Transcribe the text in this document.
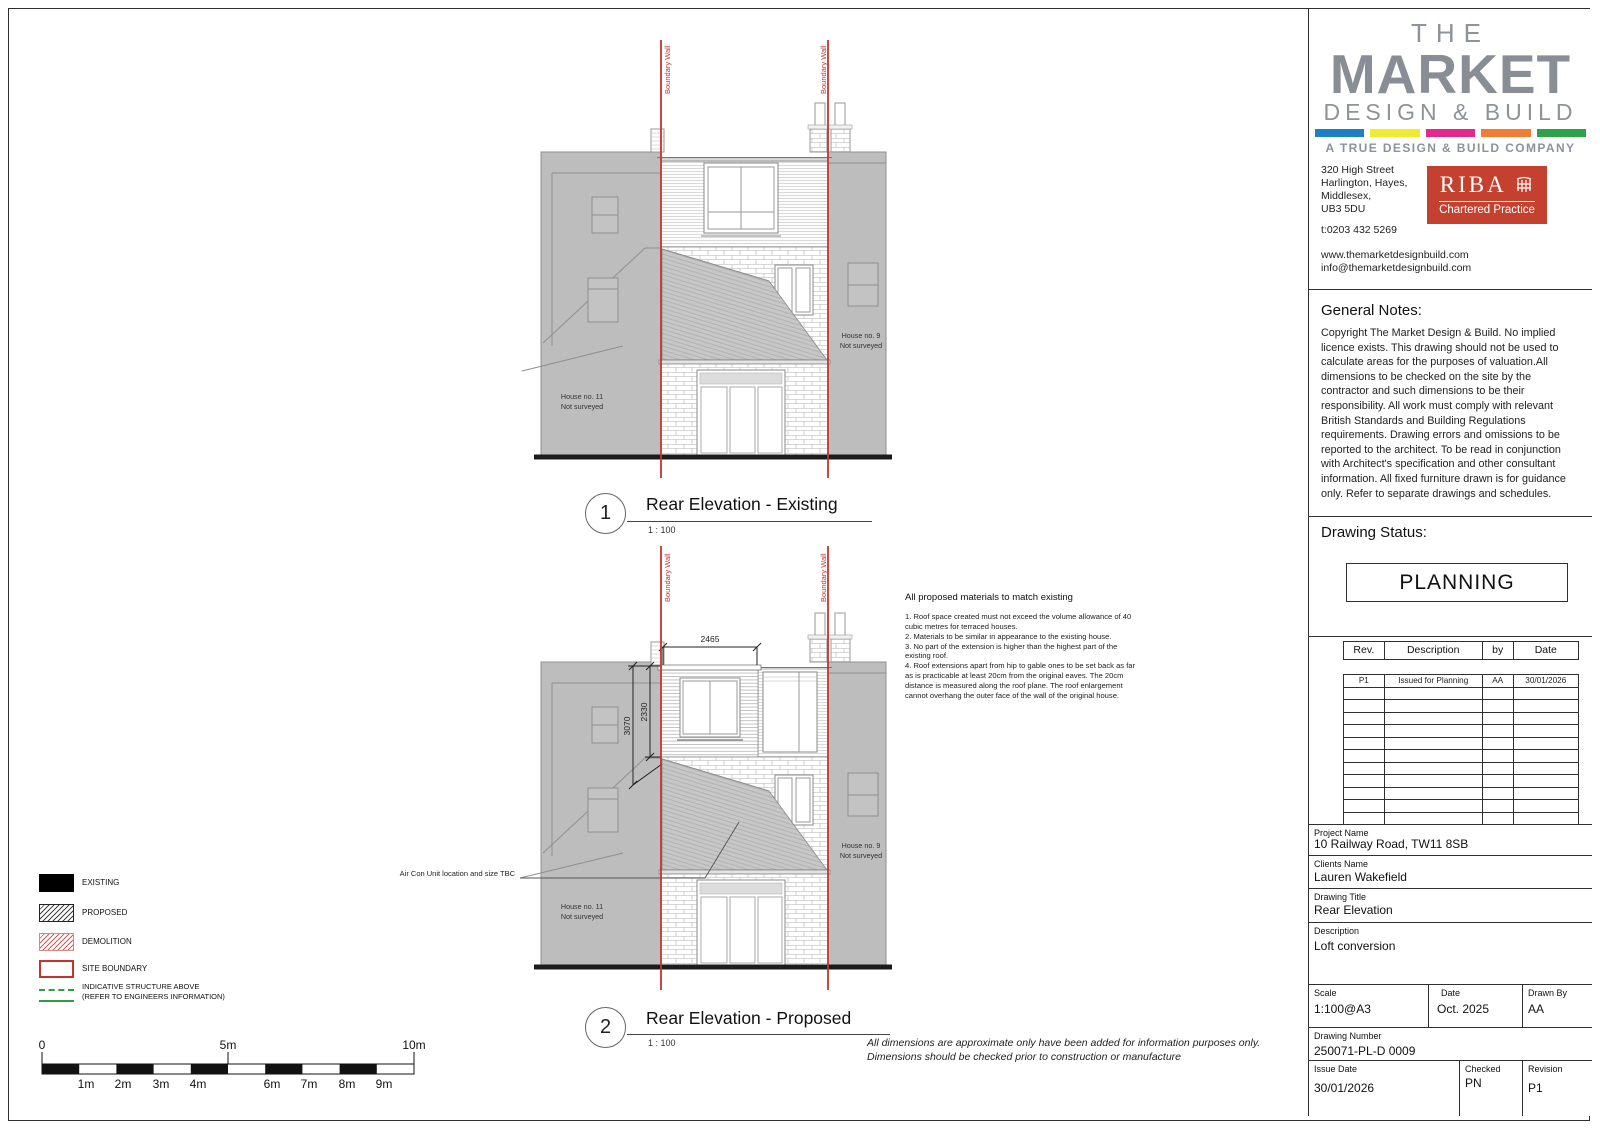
House no. 11
Not surveyed
House no. 9
Not surveyed
Boundary Wall	Boundary Wall
House no. 11
Not surveyed
House no. 9
Not surveyed
2465
2330
3070
Boundary Wall	Boundary Wall
Air Con Unit location and size TBC
1	Rear Elevation - Existing
1 : 100
2	Rear Elevation - Proposed
1 : 100
All proposed materials to match existing
1. Roof space created must not exceed the volume allowance of 40 cubic metres for terraced houses.
2. Materials to be similar in appearance to the existing house.
3. No part of the extension is higher than the highest part of the existing roof.
4. Roof extensions apart from hip to gable ones to be set back as far as is practicable at least 20cm from the original eaves. The 20cm distance is measured along the roof plane. The roof enlargement cannot overhang the outer face of the wall of the original house.
All dimensions are approximate only have been added for information purposes only.
Dimensions should be checked prior to construction or manufacture
EXISTING
PROPOSED
DEMOLITION
SITE BOUNDARY
INDICATIVE STRUCTURE ABOVE
(REFER TO ENGINEERS INFORMATION)
0	5m	10m
1m 2m 3m 4m	6m 7m 8m 9m
THE
MARKET
DESIGN & BUILD
A TRUE DESIGN & BUILD COMPANY
320 High Street
Harlington, Hayes,
Middlesex,
UB3 5DU
RIBA
Chartered Practice
t:0203 432 5269
www.themarketdesignbuild.com
info@themarketdesignbuild.com
General Notes:
Copyright The Market Design & Build. No implied licence exists. This drawing should not be used to calculate areas for the purposes of valuation.All dimensions to be checked on the site by the contractor and such dimensions to be their responsibility. All work must comply with relevant British Standards and Building Regulations requirements. Drawing errors and omissions to be reported to the architect. To be read in conjunction with Architect's specification and other consultant information. All fixed furniture drawn is for guidance only. Refer to separate drawings and schedules.
Drawing Status:
PLANNING
Rev.	Description	by	Date
P1	Issued for Planning	AA	30/01/2026
Project Name
10 Railway Road, TW11 8SB
Clients Name
Lauren Wakefield
Drawing Title
Rear Elevation
Description
Loft conversion
Scale
1:100@A3
Date
Oct. 2025
Drawn By
AA
Drawing Number
250071-PL-D 0009
Issue Date
30/01/2026
Checked
PN
Revision
P1
